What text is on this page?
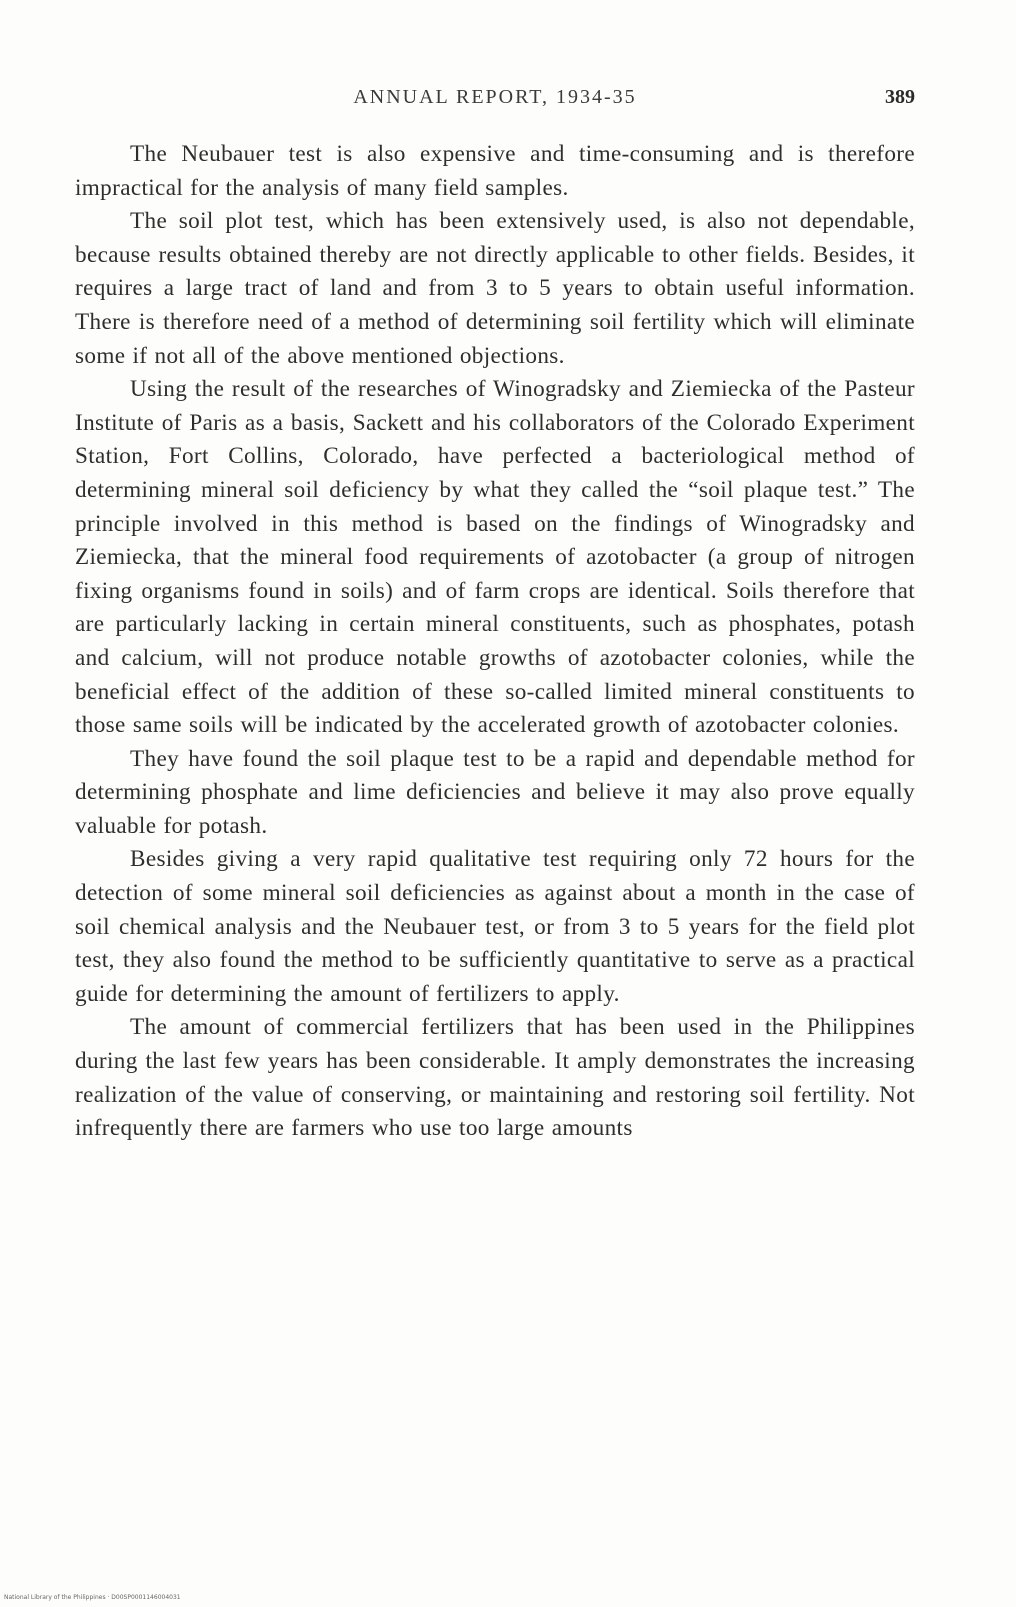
ANNUAL REPORT, 1934-35	389

The Neubauer test is also expensive and time-consuming and is therefore impractical for the analysis of many field samples.

The soil plot test, which has been extensively used, is also not dependable, because results obtained thereby are not directly applicable to other fields. Besides, it requires a large tract of land and from 3 to 5 years to obtain useful information. There is therefore need of a method of determining soil fertility which will eliminate some if not all of the above mentioned objections.

Using the result of the researches of Winogradsky and Ziemiecka of the Pasteur Institute of Paris as a basis, Sackett and his collaborators of the Colorado Experiment Station, Fort Collins, Colorado, have perfected a bacteriological method of determining mineral soil deficiency by what they called the “soil plaque test.” The principle involved in this method is based on the findings of Winogradsky and Ziemiecka, that the mineral food requirements of azotobacter (a group of nitrogen fixing organisms found in soils) and of farm crops are identical. Soils therefore that are particularly lacking in certain mineral constituents, such as phosphates, potash and calcium, will not produce notable growths of azotobacter colonies, while the beneficial effect of the addition of these so-called limited mineral constituents to those same soils will be indicated by the accelerated growth of azotobacter colonies.

They have found the soil plaque test to be a rapid and dependable method for determining phosphate and lime deficiencies and believe it may also prove equally valuable for potash.

Besides giving a very rapid qualitative test requiring only 72 hours for the detection of some mineral soil deficiencies as against about a month in the case of soil chemical analysis and the Neubauer test, or from 3 to 5 years for the field plot test, they also found the method to be sufficiently quantitative to serve as a practical guide for determining the amount of fertilizers to apply.

The amount of commercial fertilizers that has been used in the Philippines during the last few years has been considerable. It amply demonstrates the increasing realization of the value of conserving, or maintaining and restoring soil fertility. Not infrequently there are farmers who use too large amounts

National Library of the Philippines · D00SP0001146004031
